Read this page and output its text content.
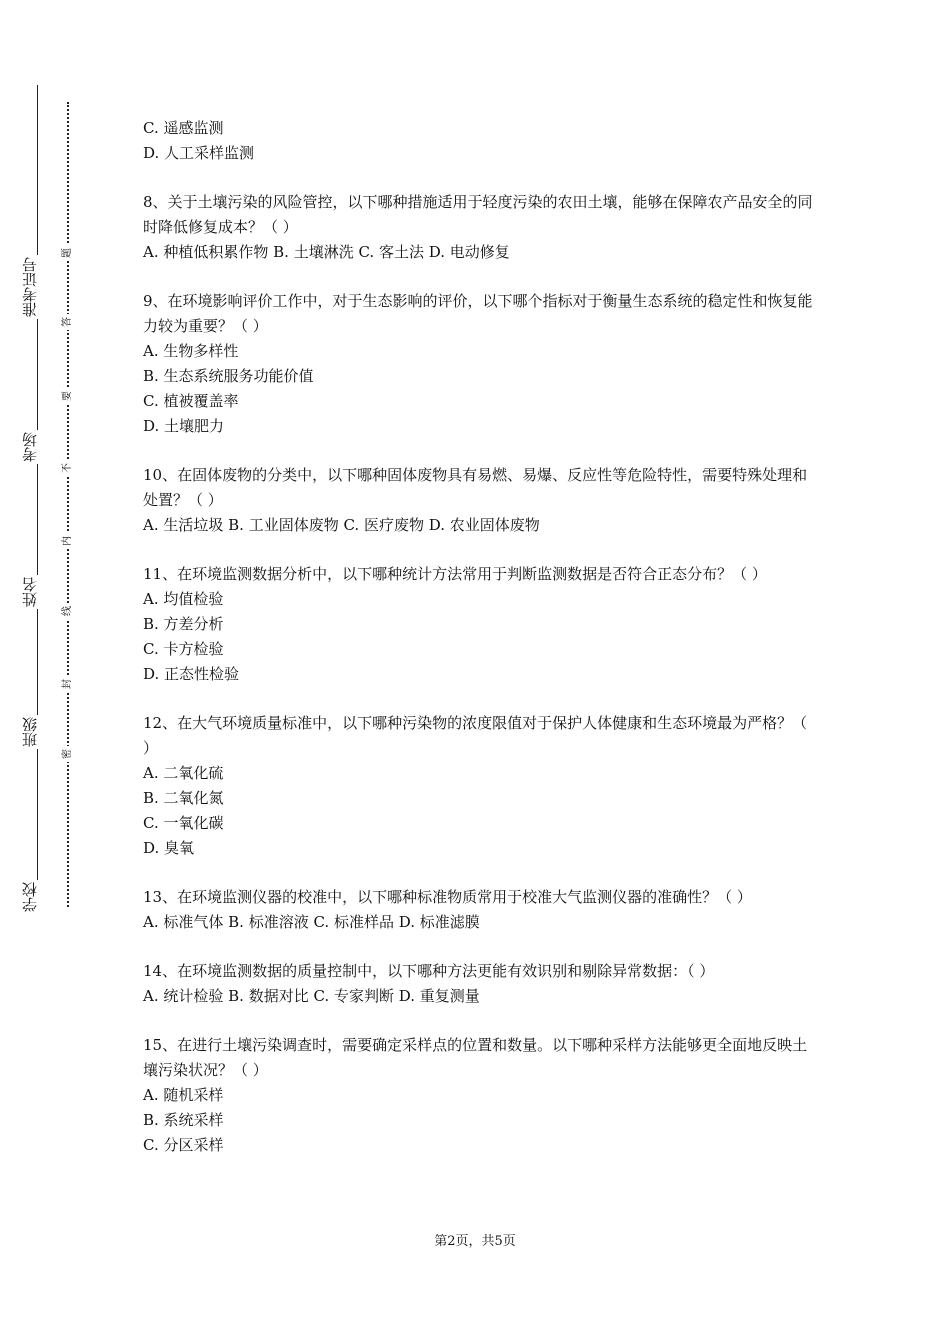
准考证号
考场
姓名
班级
学校
题
答
要
不
内
线
封
密

C. 遥感监测

D. 人工采样监测

8、关于土壤污染的风险管控，以下哪种措施适用于轻度污染的农田土壤，能够在保障农产品安全的同时降低修复成本？（ ）

A. 种植低积累作物 B. 土壤淋洗 C. 客土法 D. 电动修复

9、在环境影响评价工作中，对于生态影响的评价，以下哪个指标对于衡量生态系统的稳定性和恢复能力较为重要？（ ）

A. 生物多样性

B. 生态系统服务功能价值

C. 植被覆盖率

D. 土壤肥力

10、在固体废物的分类中，以下哪种固体废物具有易燃、易爆、反应性等危险特性，需要特殊处理和处置？（ ）

A. 生活垃圾 B. 工业固体废物 C. 医疗废物 D. 农业固体废物

11、在环境监测数据分析中，以下哪种统计方法常用于判断监测数据是否符合正态分布？（ ）

A. 均值检验

B. 方差分析

C. 卡方检验

D. 正态性检验

12、在大气环境质量标准中，以下哪种污染物的浓度限值对于保护人体健康和生态环境最为严格？（ ）

A. 二氧化硫

B. 二氧化氮

C. 一氧化碳

D. 臭氧

13、在环境监测仪器的校准中，以下哪种标准物质常用于校准大气监测仪器的准确性？（ ）

A. 标准气体 B. 标准溶液 C. 标准样品 D. 标准滤膜

14、在环境监测数据的质量控制中，以下哪种方法更能有效识别和剔除异常数据：（ ）

A. 统计检验 B. 数据对比 C. 专家判断 D. 重复测量

15、在进行土壤污染调查时，需要确定采样点的位置和数量。以下哪种采样方法能够更全面地反映土壤污染状况？（ ）

A. 随机采样

B. 系统采样

C. 分区采样

第2页，共5页
